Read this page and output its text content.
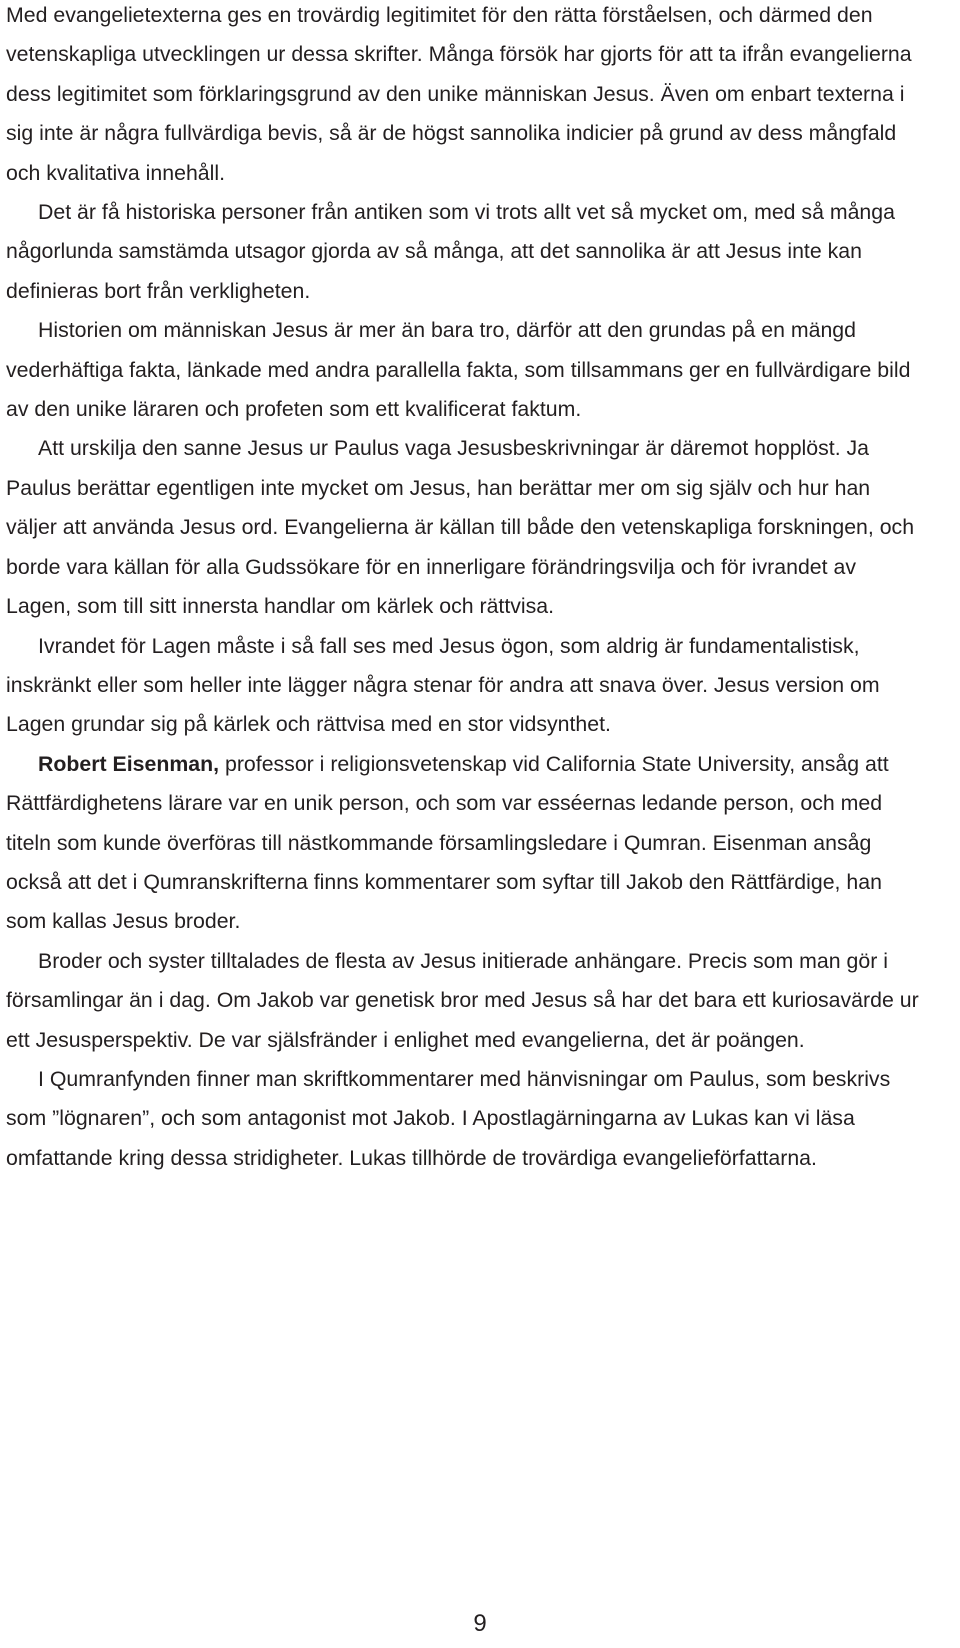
Med evangelietexterna ges en trovärdig legitimitet för den rätta förståelsen, och därmed den vetenskapliga utvecklingen ur dessa skrifter. Många försök har gjorts för att ta ifrån evangelierna dess legitimitet som förklaringsgrund av den unike människan Jesus. Även om enbart texterna i sig inte är några fullvärdiga bevis, så är de högst sannolika indicier på grund av dess mångfald och kvalitativa innehåll.

Det är få historiska personer från antiken som vi trots allt vet så mycket om, med så många någorlunda samstämda utsagor gjorda av så många, att det sannolika är att Jesus inte kan definieras bort från verkligheten.

Historien om människan Jesus är mer än bara tro, därför att den grundas på en mängd vederhäftiga fakta, länkade med andra parallella fakta, som tillsammans ger en fullvärdigare bild av den unike läraren och profeten som ett kvalificerat faktum.

Att urskilja den sanne Jesus ur Paulus vaga Jesusbeskrivningar är däremot hopplöst. Ja Paulus berättar egentligen inte mycket om Jesus, han berättar mer om sig själv och hur han väljer att använda Jesus ord. Evangelierna är källan till både den vetenskapliga forskningen, och borde vara källan för alla Gudssökare för en innerligare förändringsvilja och för ivrandet av Lagen, som till sitt innersta handlar om kärlek och rättvisa.

Ivrandet för Lagen måste i så fall ses med Jesus ögon, som aldrig är fundamentalistisk, inskränkt eller som heller inte lägger några stenar för andra att snava över. Jesus version om Lagen grundar sig på kärlek och rättvisa med en stor vidsynthet.

Robert Eisenman, professor i religionsvetenskap vid California State University, ansåg att Rättfärdighetens lärare var en unik person, och som var esséernas ledande person, och med titeln som kunde överföras till nästkommande församlingsledare i Qumran. Eisenman ansåg också att det i Qumranskrifterna finns kommentarer som syftar till Jakob den Rättfärdige, han som kallas Jesus broder.

Broder och syster tilltalades de flesta av Jesus initierade anhängare. Precis som man gör i församlingar än i dag. Om Jakob var genetisk bror med Jesus så har det bara ett kuriosavärde ur ett Jesusperspektiv. De var själsfränder i enlighet med evangelierna, det är poängen.

I Qumranfynden finner man skriftkommentarer med hänvisningar om Paulus, som beskrivs som ”lögnaren”, och som antagonist mot Jakob. I Apostlagärningarna av Lukas kan vi läsa omfattande kring dessa stridigheter. Lukas tillhörde de trovärdiga evangelieförfattarna.

9
